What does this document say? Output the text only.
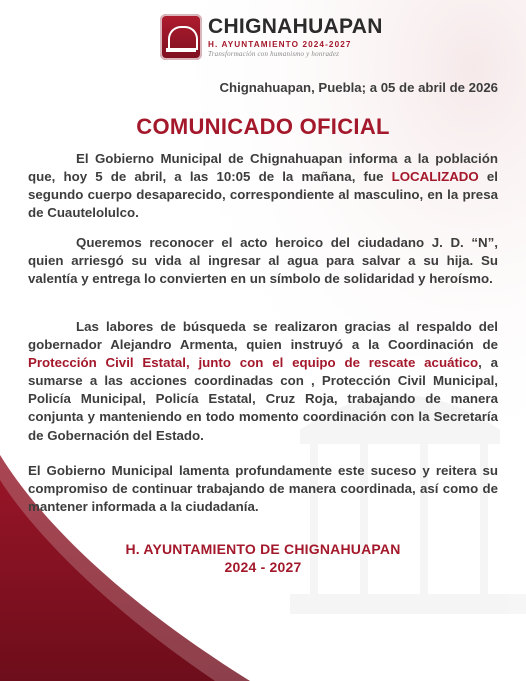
CHIGNAHUAPAN
H. AYUNTAMIENTO 2024-2027
Transformación con humanismo y honradez
Chignahuapan, Puebla; a 05 de abril de 2026
COMUNICADO OFICIAL
El Gobierno Municipal de Chignahuapan informa a la población que, hoy 5 de abril, a las 10:05 de la mañana, fue LOCALIZADO el segundo cuerpo desaparecido, correspondiente al masculino, en la presa de Cuautelolulco.
Queremos reconocer el acto heroico del ciudadano J. D. “N”, quien arriesgó su vida al ingresar al agua para salvar a su hija. Su valentía y entrega lo convierten en un símbolo de solidaridad y heroísmo.
Las labores de búsqueda se realizaron gracias al respaldo del gobernador Alejandro Armenta, quien instruyó a la Coordinación de Protección Civil Estatal, junto con el equipo de rescate acuático, a sumarse a las acciones coordinadas con , Protección Civil Municipal, Policía Municipal, Policía Estatal, Cruz Roja, trabajando de manera conjunta y manteniendo en todo momento coordinación con la Secretaría de Gobernación del Estado.
El Gobierno Municipal lamenta profundamente este suceso y reitera su compromiso de continuar trabajando de manera coordinada, así como de mantener informada a la ciudadanía.
H. AYUNTAMIENTO DE CHIGNAHUAPAN
2024 - 2027
